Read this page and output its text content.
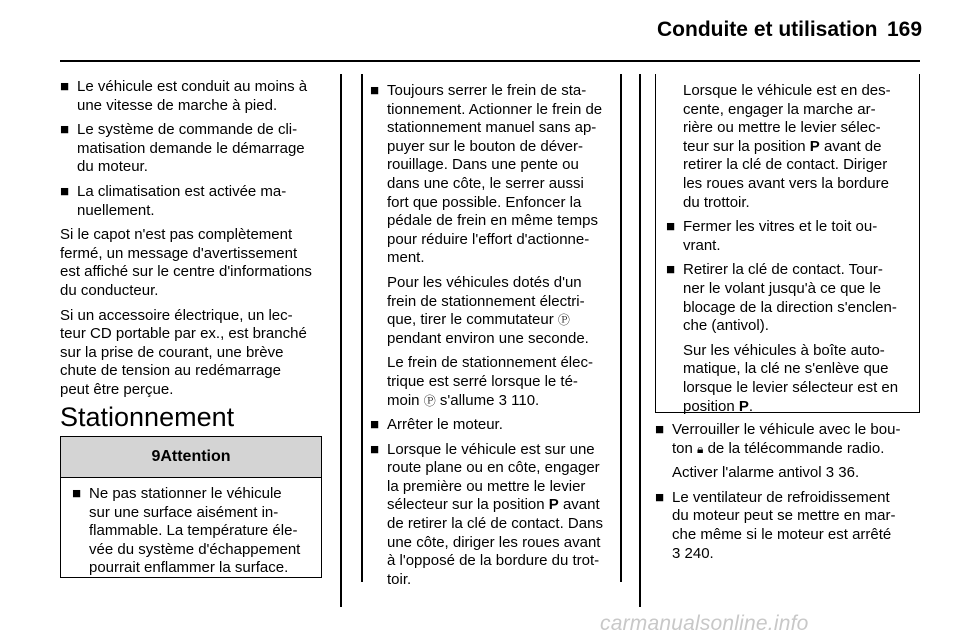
Conduite et utilisation 169
■ Le véhicule est conduit au moins à
une vitesse de marche à pied.
■ Le système de commande de cli-
matisation demande le démarrage
du moteur.
■ La climatisation est activée ma-
nuellement.

Si le capot n'est pas complètement
fermé, un message d'avertissement
est affiché sur le centre d'informations
du conducteur.

Si un accessoire électrique, un lec-
teur CD portable par ex., est branché
sur la prise de courant, une brève
chute de tension au redémarrage
peut être perçue.

Stationnement
9 Attention
■ Ne pas stationner le véhicule
sur une surface aisément in-
flammable. La température éle-
vée du système d'échappement
pourrait enflammer la surface.
■ Toujours serrer le frein de sta-
tionnement. Actionner le frein de
stationnement manuel sans ap-
puyer sur le bouton de déver-
rouillage. Dans une pente ou
dans une côte, le serrer aussi
fort que possible. Enfoncer la
pédale de frein en même temps
pour réduire l'effort d'actionne-
ment.
Pour les véhicules dotés d'un
frein de stationnement électri-
que, tirer le commutateur Ⓟ
pendant environ une seconde.
Le frein de stationnement élec-
trique est serré lorsque le té-
moin Ⓟ s'allume 3 110.
■ Arrêter le moteur.
■ Lorsque le véhicule est sur une
route plane ou en côte, engager
la première ou mettre le levier
sélecteur sur la position P avant
de retirer la clé de contact. Dans
une côte, diriger les roues avant
à l'opposé de la bordure du trot-
toir.
Lorsque le véhicule est en des-
cente, engager la marche ar-
rière ou mettre le levier sélec-
teur sur la position P avant de
retirer la clé de contact. Diriger
les roues avant vers la bordure
du trottoir.
■ Fermer les vitres et le toit ou-
vrant.
■ Retirer la clé de contact. Tour-
ner le volant jusqu'à ce que le
blocage de la direction s'enclen-
che (antivol).
Sur les véhicules à boîte auto-
matique, la clé ne s'enlève que
lorsque le levier sélecteur est en
position P.
■ Verrouiller le véhicule avec le bou-
ton 🔒︎ de la télécommande radio.
Activer l'alarme antivol 3 36.
■ Le ventilateur de refroidissement
du moteur peut se mettre en mar-
che même si le moteur est arrêté
3 240.
carmanualsonline.info
